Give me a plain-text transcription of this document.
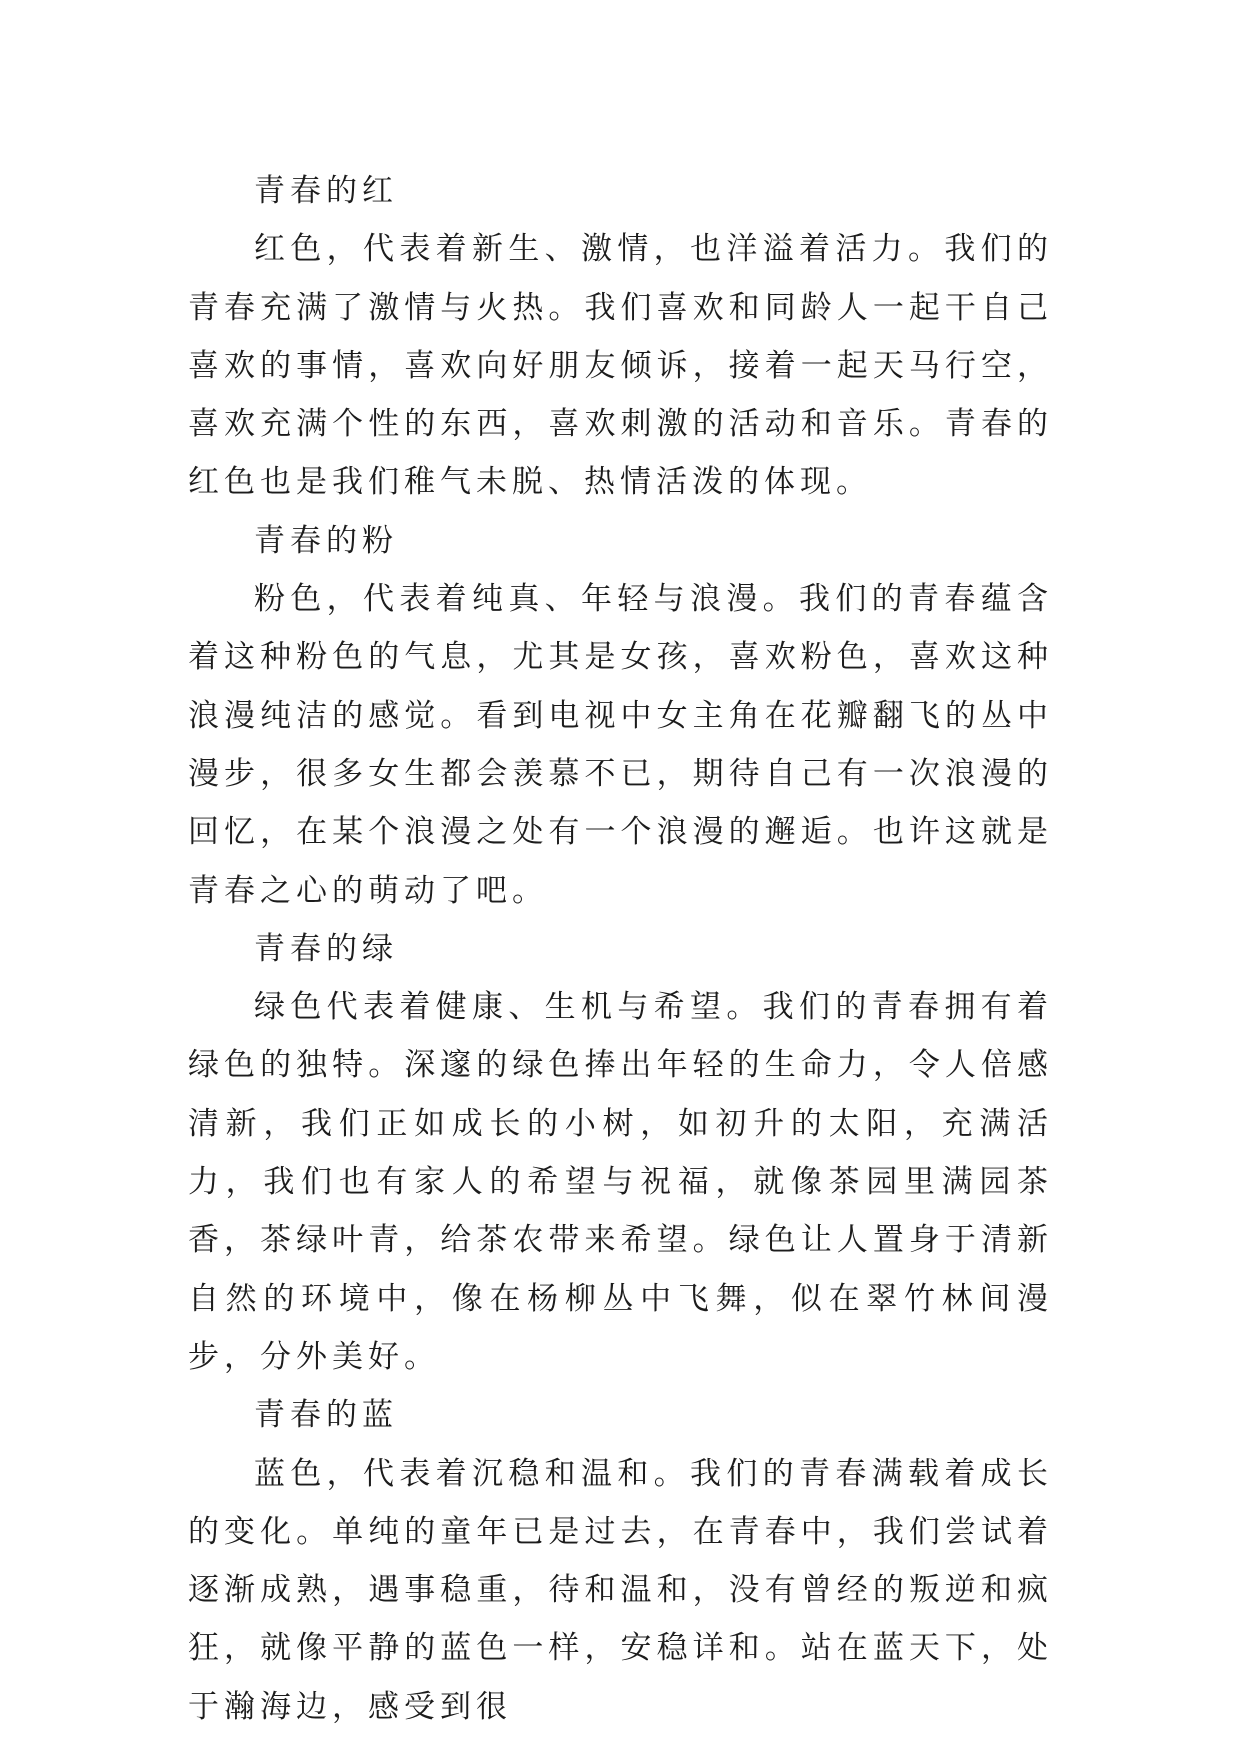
青春的红

红色，代表着新生、激情，也洋溢着活力。我们的青春充满了激情与火热。我们喜欢和同龄人一起干自己喜欢的事情，喜欢向好朋友倾诉，接着一起天马行空，喜欢充满个性的东西，喜欢刺激的活动和音乐。青春的红色也是我们稚气未脱、热情活泼的体现。

青春的粉

粉色，代表着纯真、年轻与浪漫。我们的青春蕴含着这种粉色的气息，尤其是女孩，喜欢粉色，喜欢这种浪漫纯洁的感觉。看到电视中女主角在花瓣翻飞的丛中漫步，很多女生都会羡慕不已，期待自己有一次浪漫的回忆，在某个浪漫之处有一个浪漫的邂逅。也许这就是青春之心的萌动了吧。

青春的绿

绿色代表着健康、生机与希望。我们的青春拥有着绿色的独特。深邃的绿色捧出年轻的生命力，令人倍感清新，我们正如成长的小树，如初升的太阳，充满活力，我们也有家人的希望与祝福，就像茶园里满园茶香，茶绿叶青，给茶农带来希望。绿色让人置身于清新自然的环境中，像在杨柳丛中飞舞，似在翠竹林间漫步，分外美好。

青春的蓝

蓝色，代表着沉稳和温和。我们的青春满载着成长的变化。单纯的童年已是过去，在青春中，我们尝试着逐渐成熟，遇事稳重，待和温和，没有曾经的叛逆和疯狂，就像平静的蓝色一样，安稳详和。站在蓝天下，处于瀚海边，感受到很
